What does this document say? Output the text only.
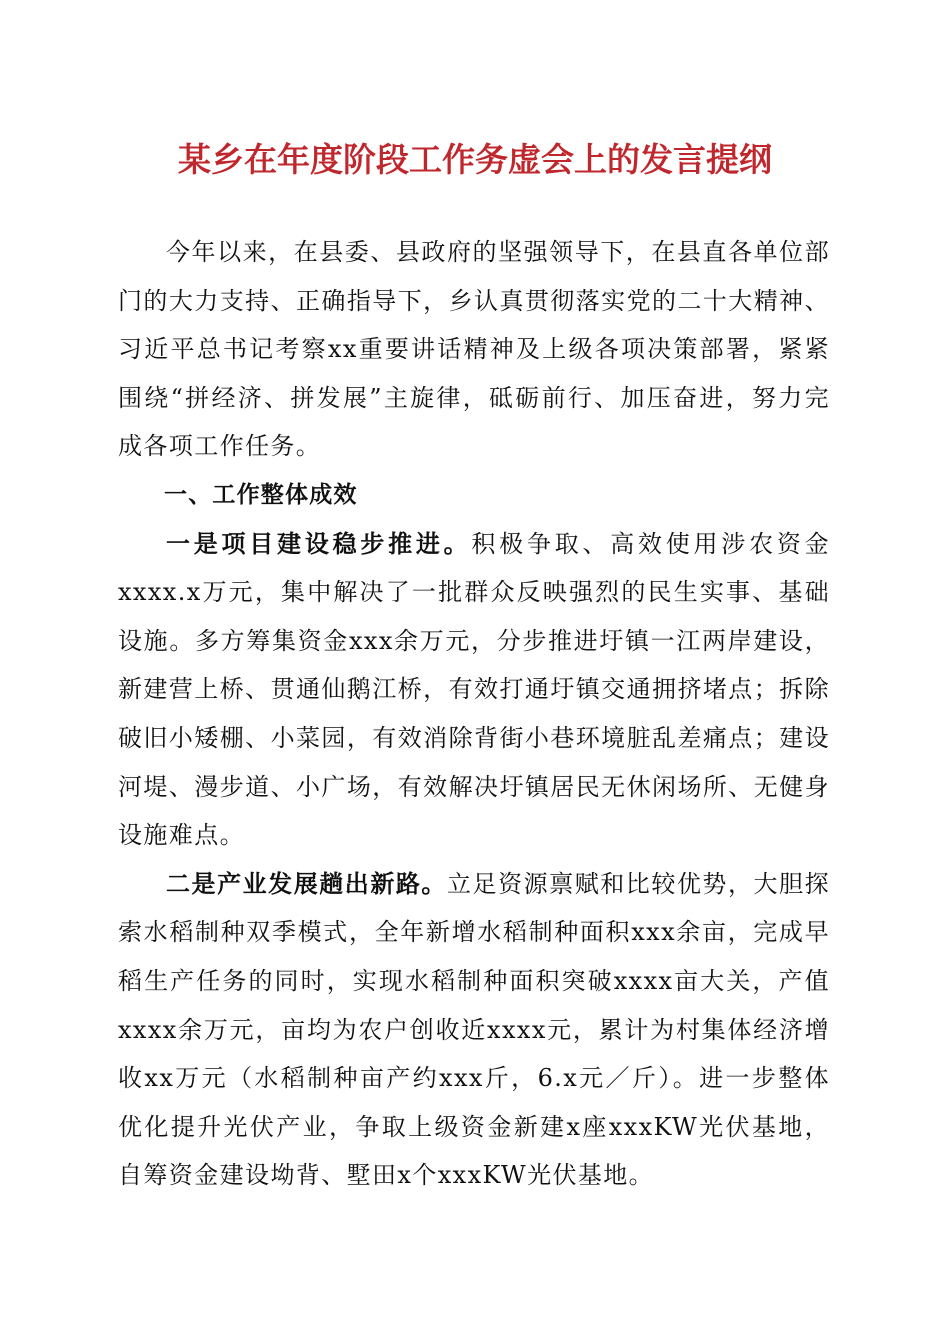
某乡在年度阶段工作务虚会上的发言提纲

今年以来，在县委、县政府的坚强领导下，在县直各单位部门的大力支持、正确指导下，乡认真贯彻落实党的二十大精神、习近平总书记考察xx重要讲话精神及上级各项决策部署，紧紧围绕“拼经济、拼发展”主旋律，砥砺前行、加压奋进，努力完成各项工作任务。

一、工作整体成效

一是项目建设稳步推进。积极争取、高效使用涉农资金xxxx.x万元，集中解决了一批群众反映强烈的民生实事、基础设施。多方筹集资金xxx余万元，分步推进圩镇一江两岸建设，新建营上桥、贯通仙鹅江桥，有效打通圩镇交通拥挤堵点；拆除破旧小矮棚、小菜园，有效消除背街小巷环境脏乱差痛点；建设河堤、漫步道、小广场，有效解决圩镇居民无休闲场所、无健身设施难点。

二是产业发展趟出新路。立足资源禀赋和比较优势，大胆探索水稻制种双季模式，全年新增水稻制种面积xxx余亩，完成早稻生产任务的同时，实现水稻制种面积突破xxxx亩大关，产值xxxx余万元，亩均为农户创收近xxxx元，累计为村集体经济增收xx万元（水稻制种亩产约xxx斤，6.x元／斤）。进一步整体优化提升光伏产业，争取上级资金新建x座xxxKW光伏基地，自筹资金建设坳背、墅田x个xxxKW光伏基地。
